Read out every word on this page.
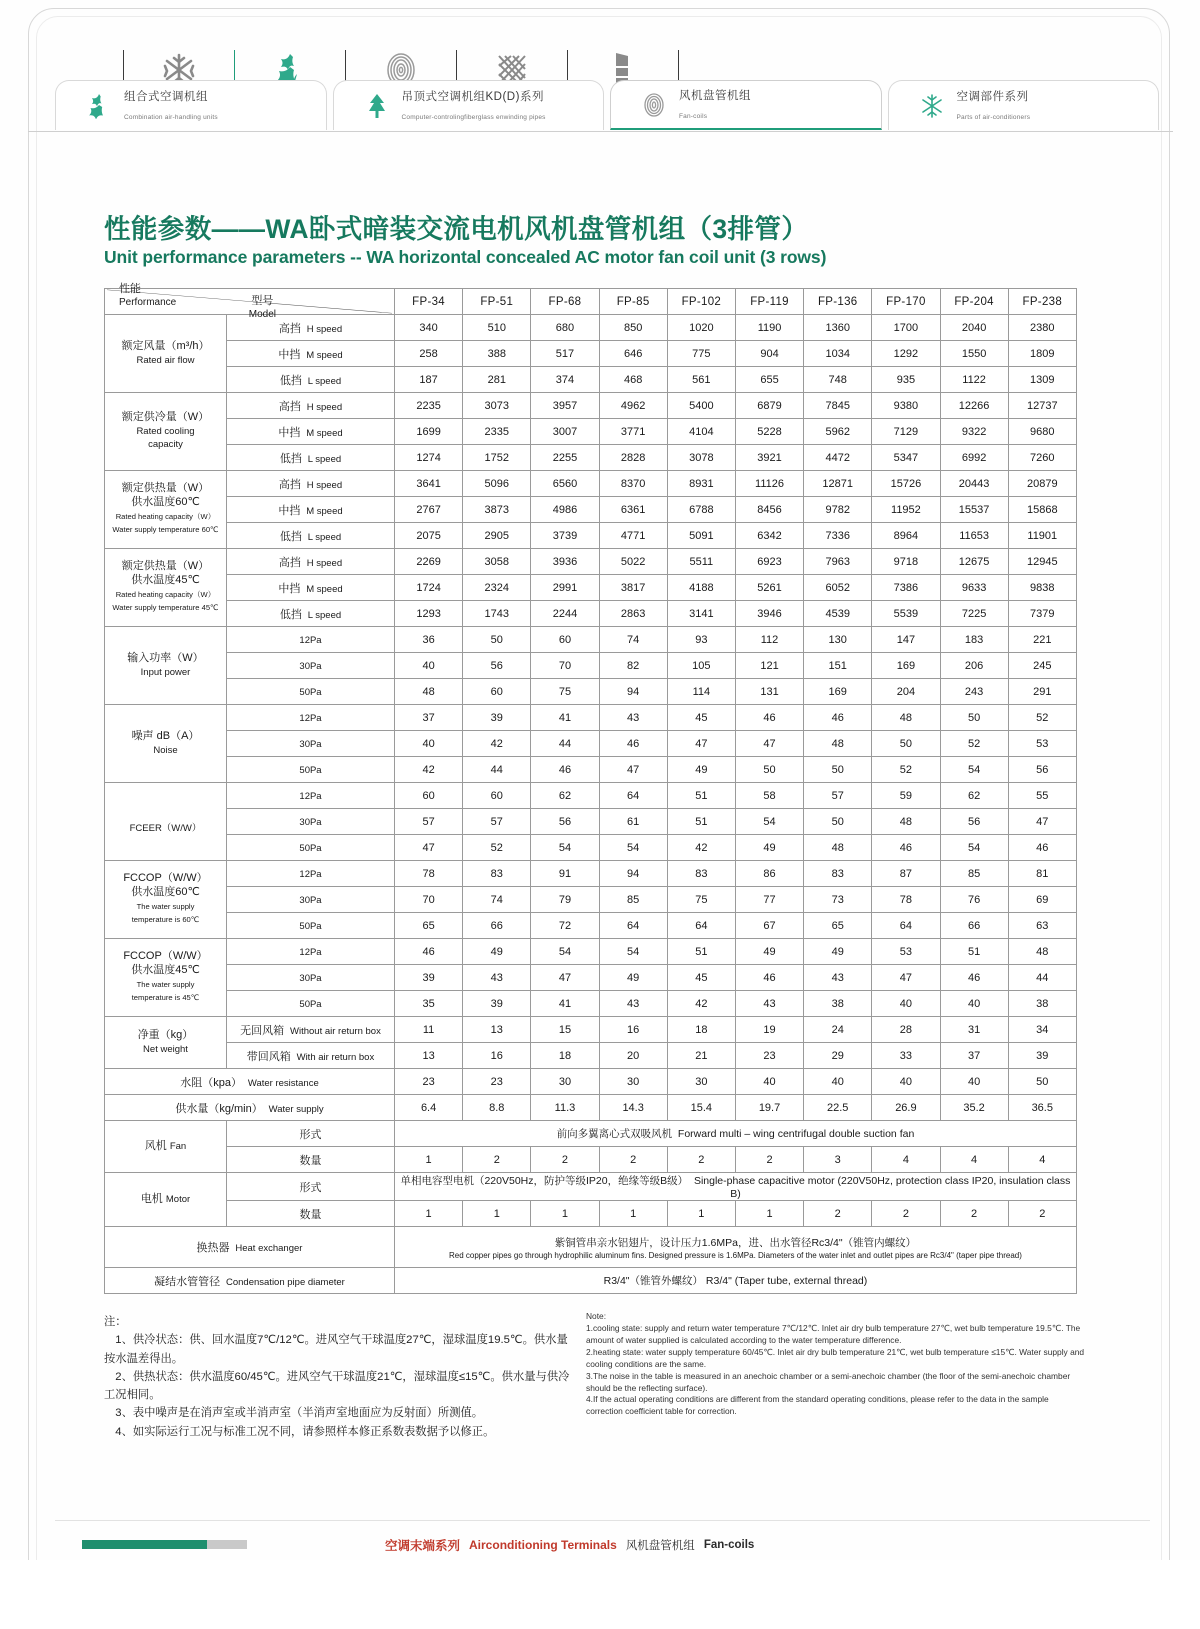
组合式空调机组
Combination air-handling units
吊顶式空调机组KD(D)系列
Computer-controlingfiberglass enwinding pipes
风机盘管机组
Fan-coils
空调部件系列
Parts of air-conditioners
性能参数——WA卧式暗装交流电机风机盘管机组（3排管）
Unit performance parameters -- WA horizontal concealed AC motor fan coil unit (3 rows)
型号
Model
性能
Performance		FP-34	FP-51	FP-68	FP-85	FP-102	FP-119	FP-136	FP-170	FP-204	FP-238
额定风量（m³/h）
Rated air flow	高挡 H speed	340	510	680	850	1020	1190	1360	1700	2040	2380
	中挡 M speed	258	388	517	646	775	904	1034	1292	1550	1809
	低挡 L speed	187	281	374	468	561	655	748	935	1122	1309
额定供冷量（W）
Rated cooling
capacity	高挡 H speed	2235	3073	3957	4962	5400	6879	7845	9380	12266	12737
	中挡 M speed	1699	2335	3007	3771	4104	5228	5962	7129	9322	9680
	低挡 L speed	1274	1752	2255	2828	3078	3921	4472	5347	6992	7260
额定供热量（W）
供水温度60℃
Rated heating capacity（W）
Water supply temperature 60℃	高挡 H speed	3641	5096	6560	8370	8931	11126	12871	15726	20443	20879
	中挡 M speed	2767	3873	4986	6361	6788	8456	9782	11952	15537	15868
	低挡 L speed	2075	2905	3739	4771	5091	6342	7336	8964	11653	11901
额定供热量（W）
供水温度45℃
Rated heating capacity（W）
Water supply temperature 45℃	高挡 H speed	2269	3058	3936	5022	5511	6923	7963	9718	12675	12945
	中挡 M speed	1724	2324	2991	3817	4188	5261	6052	7386	9633	9838
	低挡 L speed	1293	1743	2244	2863	3141	3946	4539	5539	7225	7379
输入功率（W）
Input power	12Pa	36	50	60	74	93	112	130	147	183	221
	30Pa	40	56	70	82	105	121	151	169	206	245
	50Pa	48	60	75	94	114	131	169	204	243	291
噪声 dB（A）
Noise	12Pa	37	39	41	43	45	46	46	48	50	52
	30Pa	40	42	44	46	47	47	48	50	52	53
	50Pa	42	44	46	47	49	50	50	52	54	56

FCEER（W/W）	12Pa	60	60	62	64	51	58	57	59	62	55
	30Pa	57	57	56	61	51	54	50	48	56	47
	50Pa	47	52	54	54	42	49	48	46	54	46
FCCOP（W/W）
供水温度60℃
The water supply
temperature is 60℃	12Pa	78	83	91	94	83	86	83	87	85	81
	30Pa	70	74	79	85	75	77	73	78	76	69
	50Pa	65	66	72	64	64	67	65	64	66	63
FCCOP（W/W）
供水温度45℃
The water supply
temperature is 45℃	12Pa	46	49	54	54	51	49	49	53	51	48
	30Pa	39	43	47	49	45	46	43	47	46	44
	50Pa	35	39	41	43	42	43	38	40	40	38
净重（kg）
Net weight	无回风箱 Without air return box	11	13	15	16	18	19	24	28	31	34
	带回风箱 With air return box	13	16	18	20	21	23	29	33	37	39
水阻（kpa） Water resistance		23	23	30	30	30	40	40	40	40	50
供水量（kg/min） Water supply		6.4	8.8	11.3	14.3	15.4	19.7	22.5	26.9	35.2	36.5
风机 Fan	形式	前向多翼离心式双吸风机  Forward multi – wing centrifugal double suction fan									
	数量	1	2	2	2	2	2	3	4	4	4
电机 Motor	形式	单相电容型电机（220V50Hz，防护等级IP20，绝缘等级B级）  Single-phase capacitive motor (220V50Hz, protection class IP20, insulation class B)									
	数量	1	1	1	1	1	1	2	2	2	2
换热器 Heat exchanger		紫铜管串亲水铝翅片，设计压力1.6MPa，进、出水管径Rc3/4"（锥管内螺纹）
Red copper pipes go through hydrophilic aluminum fins. Designed pressure is 1.6MPa. Diameters of the water inlet and outlet pipes are Rc3/4" (taper pipe thread)									

凝结水管管径 Condensation pipe diameter		R3/4"（锥管外螺纹） R3/4" (Taper tube, external thread)									
注：
1、供冷状态：供、回水温度7℃/12℃。进风空气干球温度27℃，湿球温度19.5℃。供水量按水温差得出。
2、供热状态：供水温度60/45℃。进风空气干球温度21℃，湿球温度≤15℃。供水量与供冷工况相同。
3、表中噪声是在消声室或半消声室（半消声室地面应为反射面）所测值。
4、如实际运行工况与标准工况不同，请参照样本修正系数表数据予以修正。
Note:
1.cooling state: supply and return water temperature 7℃/12℃. Inlet air dry bulb temperature 27℃, wet bulb temperature 19.5℃. The amount of water supplied is calculated according to the water temperature difference.
2.heating state: water supply temperature 60/45℃. Inlet air dry bulb temperature 21℃, wet bulb temperature ≤15℃. Water supply and cooling conditions are the same.
3.The noise in the table is measured in an anechoic chamber or a semi-anechoic chamber (the floor of the semi-anechoic chamber should be the reflecting surface).
4.If the actual operating conditions are different from the standard operating conditions, please refer to the data in the sample correction coefficient table for correction.
空调末端系列 Airconditioning Terminals 风机盘管机组 Fan-coils
